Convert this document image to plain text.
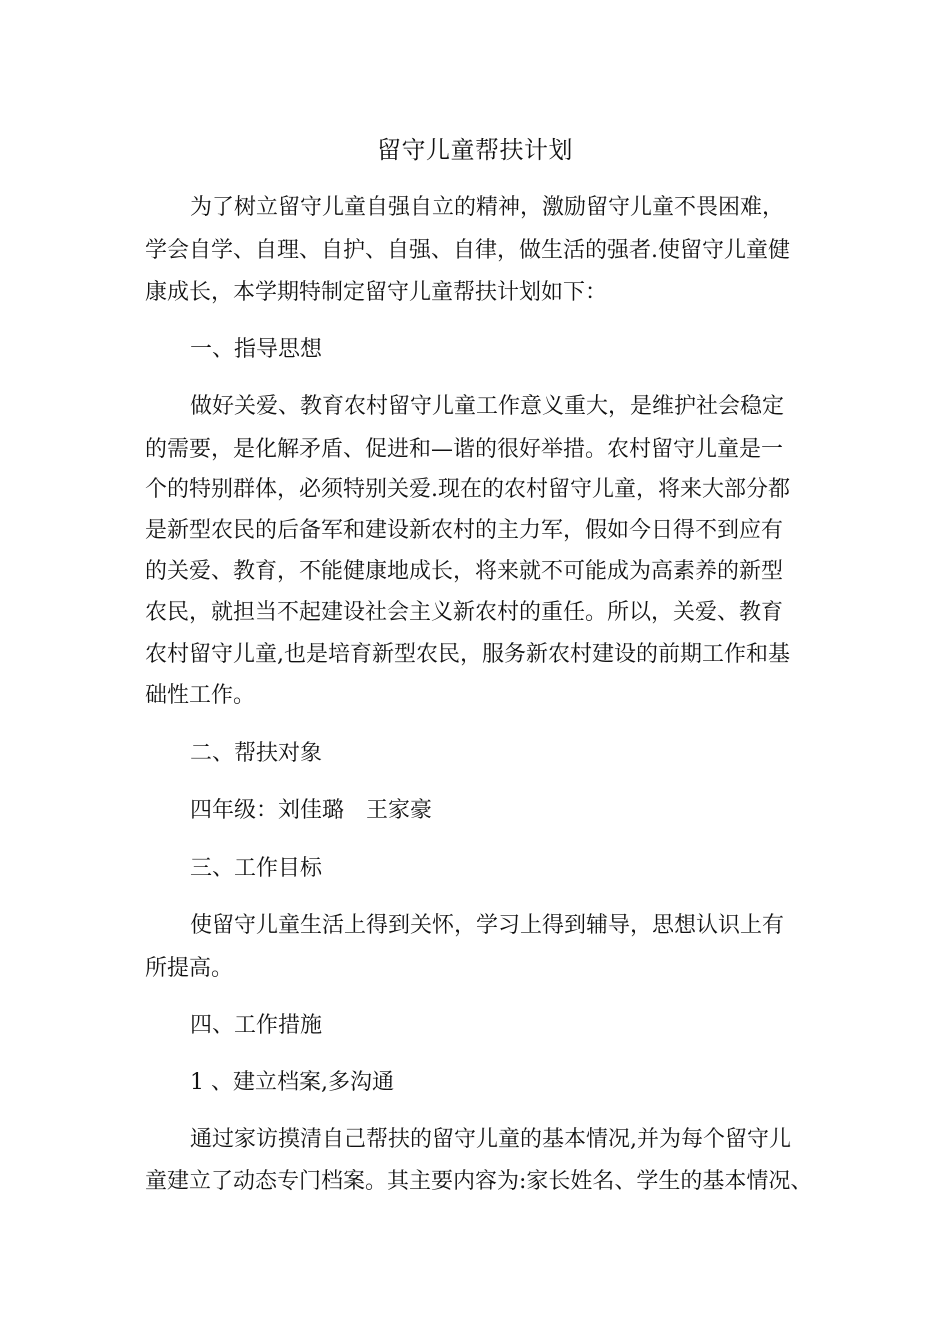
留守儿童帮扶计划
为了树立留守儿童自强自立的精神，激励留守儿童不畏困难，
学会自学、自理、自护、自强、自律，做生活的强者.使留守儿童健
康成长，本学期特制定留守儿童帮扶计划如下：
一、指导思想
做好关爱、教育农村留守儿童工作意义重大，是维护社会稳定
的需要，是化解矛盾、促进和—谐的很好举措。农村留守儿童是一
个的特别群体，必须特别关爱.现在的农村留守儿童，将来大部分都
是新型农民的后备军和建设新农村的主力军，假如今日得不到应有
的关爱、教育，不能健康地成长，将来就不可能成为高素养的新型
农民，就担当不起建设社会主义新农村的重任。所以，关爱、教育
农村留守儿童,也是培育新型农民，服务新农村建设的前期工作和基
础性工作。
二、帮扶对象
四年级：刘佳璐　王家豪
三、工作目标
使留守儿童生活上得到关怀，学习上得到辅导，思想认识上有
所提高。
四、工作措施
1 、建立档案,多沟通
通过家访摸清自己帮扶的留守儿童的基本情况,并为每个留守儿
童建立了动态专门档案。其主要内容为:家长姓名、学生的基本情况、
